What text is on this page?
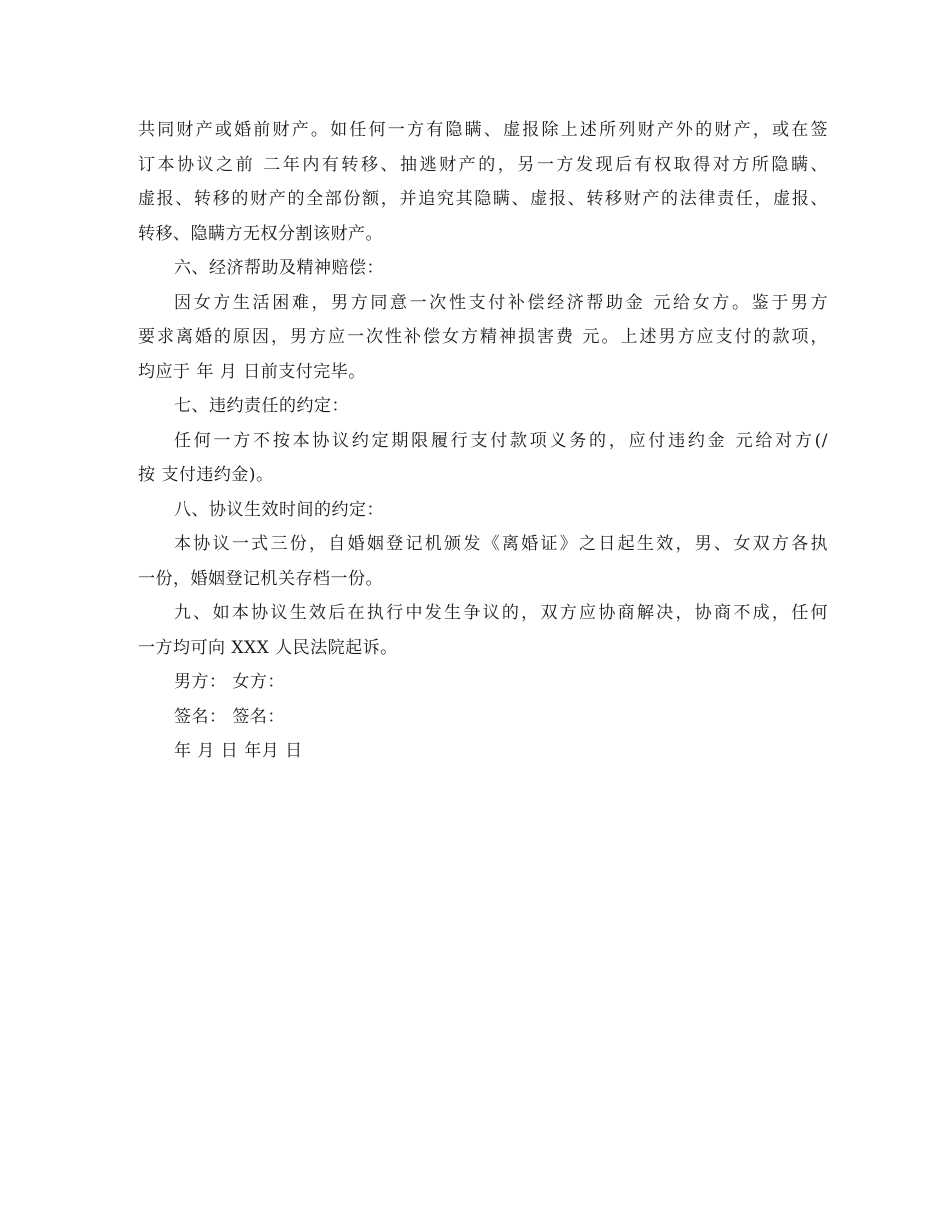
共同财产或婚前财产。如任何一方有隐瞒、虚报除上述所列财产外的财产，或在签
订本协议之前 二年内有转移、抽逃财产的，另一方发现后有权取得对方所隐瞒、
虚报、转移的财产的全部份额，并追究其隐瞒、虚报、转移财产的法律责任，虚报、
转移、隐瞒方无权分割该财产。
六、经济帮助及精神赔偿：
因女方生活困难，男方同意一次性支付补偿经济帮助金 元给女方。鉴于男方
要求离婚的原因，男方应一次性补偿女方精神损害费 元。上述男方应支付的款项，
均应于 年 月 日前支付完毕。
七、违约责任的约定：
任何一方不按本协议约定期限履行支付款项义务的，应付违约金 元给对方(/
按 支付违约金)。
八、协议生效时间的约定：
本协议一式三份，自婚姻登记机颁发《离婚证》之日起生效，男、女双方各执
一份，婚姻登记机关存档一份。
九、如本协议生效后在执行中发生争议的，双方应协商解决，协商不成，任何
一方均可向 XXX 人民法院起诉。
男方： 女方：
签名： 签名：
年 月 日 年月 日
